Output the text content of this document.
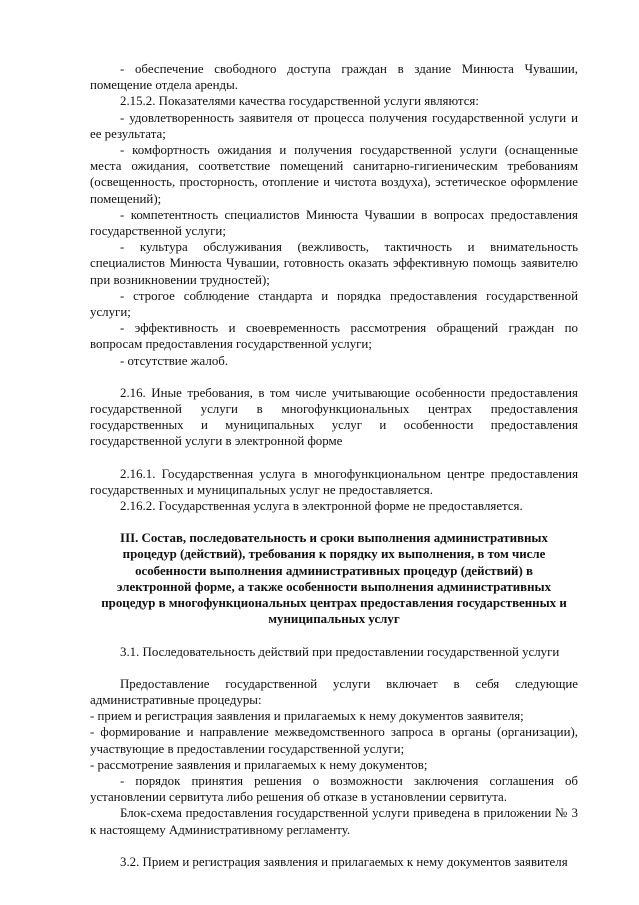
- обеспечение свободного доступа граждан в здание Минюста Чувашии, помещение отдела аренды.

2.15.2. Показателями качества государственной услуги являются:

- удовлетворенность заявителя от процесса получения государственной услуги и ее результата;

- комфортность ожидания и получения государственной услуги (оснащенные места ожидания, соответствие помещений санитарно-гигиеническим требованиям (освещенность, просторность, отопление и чистота воздуха), эстетическое оформление помещений);

- компетентность специалистов Минюста Чувашии в вопросах предоставления государственной услуги;

- культура обслуживания (вежливость, тактичность и внимательность специалистов Минюста Чувашии, готовность оказать эффективную помощь заявителю при возникновении трудностей);

- строгое соблюдение стандарта и порядка предоставления государственной услуги;

- эффективность и своевременность рассмотрения обращений граждан по вопросам предоставления государственной услуги;

- отсутствие жалоб.

2.16. Иные требования, в том числе учитывающие особенности предоставления государственной услуги в многофункциональных центрах предоставления государственных и муниципальных услуг и особенности предоставления государственной услуги в электронной форме

2.16.1. Государственная услуга в многофункциональном центре предоставления государственных и муниципальных услуг не предоставляется.

2.16.2. Государственная услуга в электронной форме не предоставляется.

III. Состав, последовательность и сроки выполнения административных процедур (действий), требования к порядку их выполнения, в том числе особенности выполнения административных процедур (действий) в электронной форме, а также особенности выполнения административных процедур в многофункциональных центрах предоставления государственных и муниципальных услуг

3.1. Последовательность действий при предоставлении государственной услуги

Предоставление государственной услуги включает в себя следующие административные процедуры:

- прием и регистрация заявления и прилагаемых к нему документов заявителя;

- формирование и направление межведомственного запроса в органы (организации), участвующие в предоставлении государственной услуги;

- рассмотрение заявления и прилагаемых к нему документов;

- порядок принятия решения о возможности заключения соглашения об установлении сервитута либо решения об отказе в установлении сервитута.

Блок-схема предоставления государственной услуги приведена в приложении № 3 к настоящему Административному регламенту.

3.2. Прием и регистрация заявления и прилагаемых к нему документов заявителя
